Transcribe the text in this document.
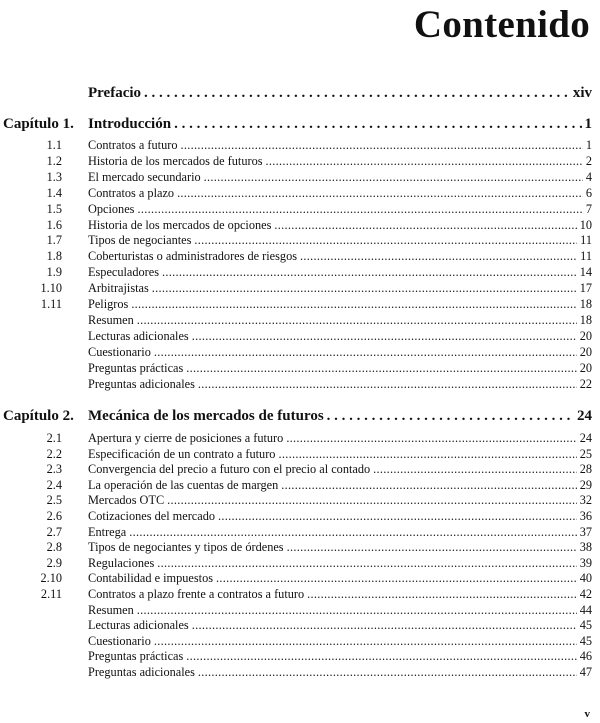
Contenido
Prefacio . . .	xiv
Capítulo 1. Introducción . . .	1
1.1 Contratos a futuro .....	1
1.2 Historia de los mercados de futuros .....	2
1.3 El mercado secundario .....	4
1.4 Contratos a plazo .....	6
1.5 Opciones .....	7
1.6 Historia de los mercados de opciones .....	10
1.7 Tipos de negociantes .....	11
1.8 Coberturistas o administradores de riesgos .....	11
1.9 Especuladores .....	14
1.10 Arbitrajistas .....	17
1.11 Peligros .....	18
Resumen .....	18
Lecturas adicionales .....	20
Cuestionario .....	20
Preguntas prácticas .....	20
Preguntas adicionales .....	22
Capítulo 2. Mecánica de los mercados de futuros . . .	24
2.1 Apertura y cierre de posiciones a futuro .....	24
2.2 Especificación de un contrato a futuro .....	25
2.3 Convergencia del precio a futuro con el precio al contado .....	28
2.4 La operación de las cuentas de margen .....	29
2.5 Mercados OTC .....	32
2.6 Cotizaciones del mercado .....	36
2.7 Entrega .....	37
2.8 Tipos de negociantes y tipos de órdenes .....	38
2.9 Regulaciones .....	39
2.10 Contabilidad e impuestos .....	40
2.11 Contratos a plazo frente a contratos a futuro .....	42
Resumen .....	44
Lecturas adicionales .....	45
Cuestionario .....	45
Preguntas prácticas .....	46
Preguntas adicionales .....	47
v
